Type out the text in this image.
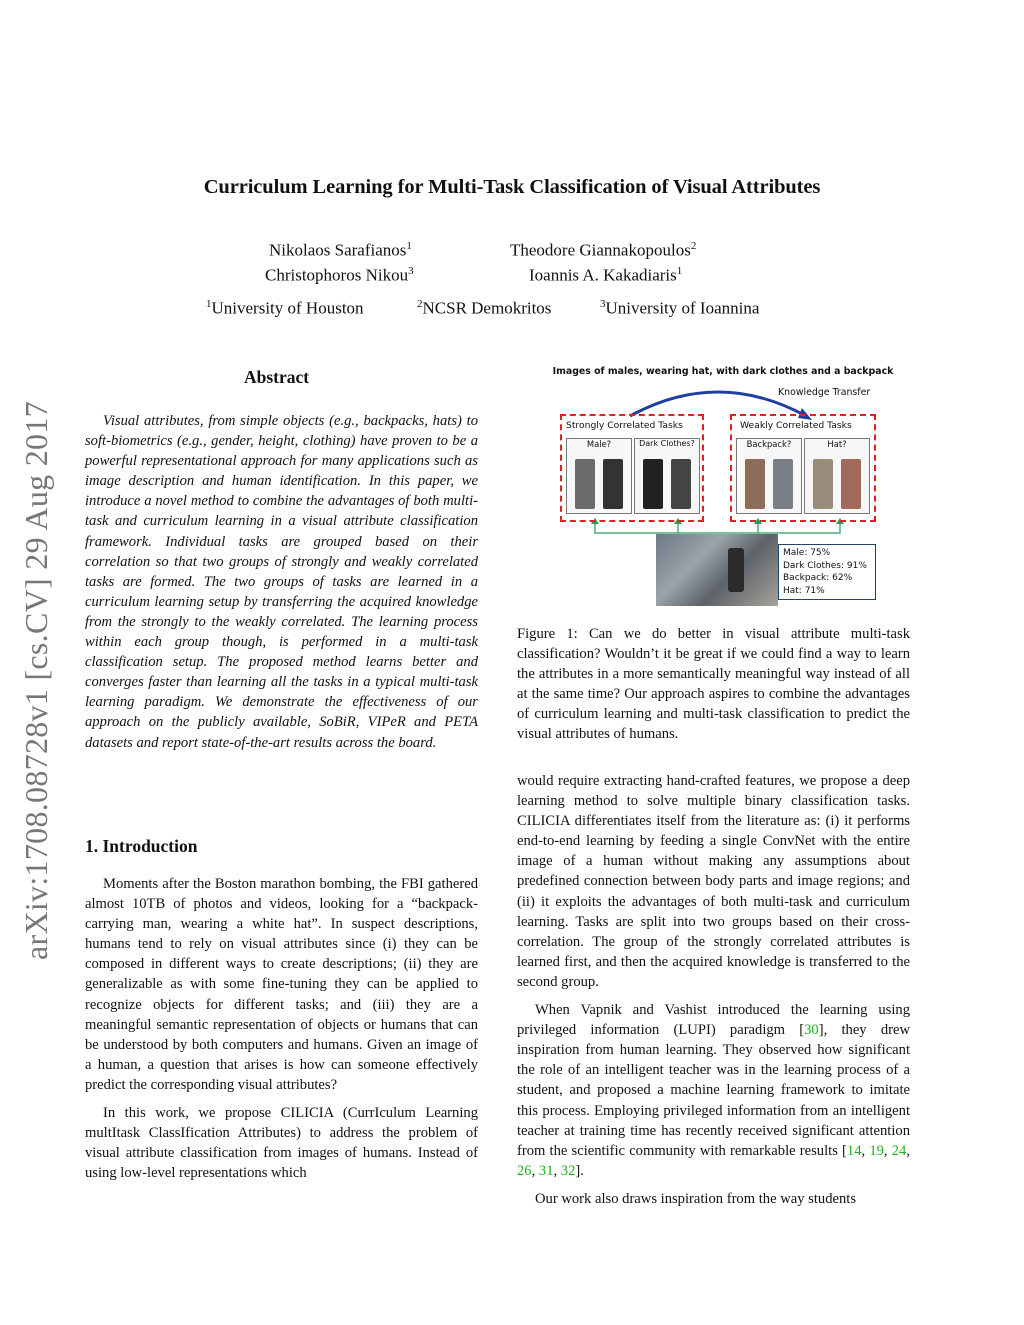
arXiv:1708.08728v1 [cs.CV] 29 Aug 2017
Curriculum Learning for Multi-Task Classification of Visual Attributes
Nikolaos Sarafianos$^1$	Theodore Giannakopoulos$^2$
Christophoros Nikou$^3$	Ioannis A. Kakadiaris$^1$
$^1$University of Houston	$^2$NCSR Demokritos	$^3$University of Ioannina
Abstract

Visual attributes, from simple objects (e.g., backpacks, hats) to soft-biometrics (e.g., gender, height, clothing) have proven to be a powerful representational approach for many applications such as image description and human identification. In this paper, we introduce a novel method to combine the advantages of both multi-task and curriculum learning in a visual attribute classification framework. Individual tasks are grouped based on their correlation so that two groups of strongly and weakly correlated tasks are formed. The two groups of tasks are learned in a curriculum learning setup by transferring the acquired knowledge from the strongly to the weakly correlated. The learning process within each group though, is performed in a multi-task classification setup. The proposed method learns better and converges faster than learning all the tasks in a typical multi-task learning paradigm. We demonstrate the effectiveness of our approach on the publicly available, SoBiR, VIPeR and PETA datasets and report state-of-the-art results across the board.

1. Introduction

Moments after the Boston marathon bombing, the FBI gathered almost 10TB of photos and videos, looking for a “backpack-carrying man, wearing a white hat”. In suspect descriptions, humans tend to rely on visual attributes since (i) they can be composed in different ways to create descriptions; (ii) they are generalizable as with some fine-tuning they can be applied to recognize objects for different tasks; and (iii) they are a meaningful semantic representation of objects or humans that can be understood by both computers and humans. Given an image of a human, a question that arises is how can someone effectively predict the corresponding visual attributes?

In this work, we propose CILICIA (CurrIculum Learning multItask ClassIfication Attributes) to address the problem of visual attribute classification from images of humans. Instead of using low-level representations which

Images of males, wearing hat, with dark clothes and a backpack
Knowledge Transfer
Strongly Correlated Tasks
Male?	Dark Clothes?
Weakly Correlated Tasks
Backpack?	Hat?
Male: 75%
Dark Clothes: 91%
Backpack: 62%
Hat: 71%

Figure 1: Can we do better in visual attribute multi-task classification? Wouldn’t it be great if we could find a way to learn the attributes in a more semantically meaningful way instead of all at the same time? Our approach aspires to combine the advantages of curriculum learning and multi-task classification to predict the visual attributes of humans.

would require extracting hand-crafted features, we propose a deep learning method to solve multiple binary classification tasks. CILICIA differentiates itself from the literature as: (i) it performs end-to-end learning by feeding a single ConvNet with the entire image of a human without making any assumptions about predefined connection between body parts and image regions; and (ii) it exploits the advantages of both multi-task and curriculum learning. Tasks are split into two groups based on their cross-correlation. The group of the strongly correlated attributes is learned first, and then the acquired knowledge is transferred to the second group.

When Vapnik and Vashist introduced the learning using privileged information (LUPI) paradigm [30], they drew inspiration from human learning. They observed how significant the role of an intelligent teacher was in the learning process of a student, and proposed a machine learning framework to imitate this process. Employing privileged information from an intelligent teacher at training time has recently received significant attention from the scientific community with remarkable results [14, 19, 24, 26, 31, 32].

Our work also draws inspiration from the way students
